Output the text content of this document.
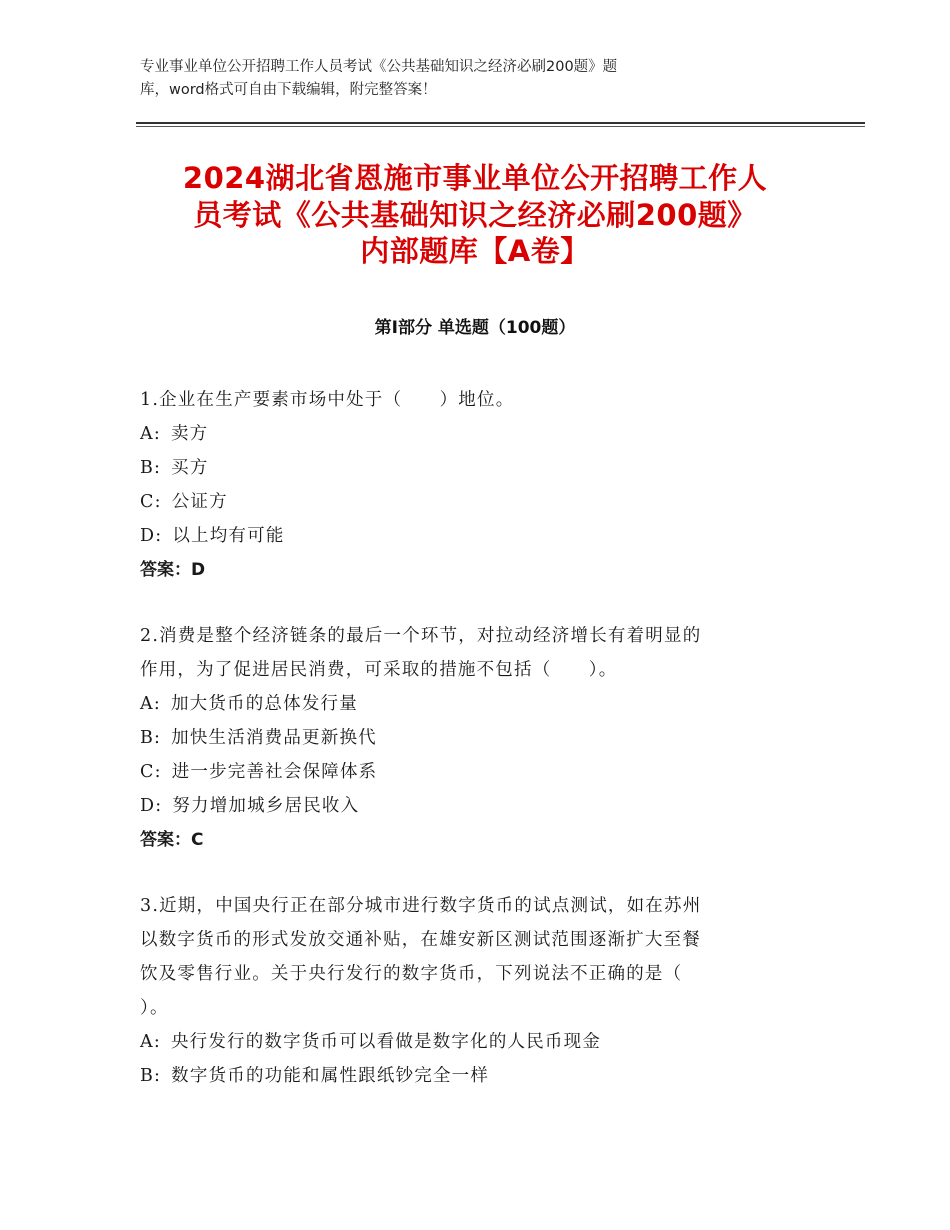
专业事业单位公开招聘工作人员考试《公共基础知识之经济必刷200题》题
库，word格式可自由下载编辑，附完整答案！
2024湖北省恩施市事业单位公开招聘工作人
员考试《公共基础知识之经济必刷200题》
内部题库【A卷】
第Ⅰ部分 单选题（100题）
1.企业在生产要素市场中处于（　　）地位。
A: 卖方
B: 买方
C: 公证方
D: 以上均有可能
答案：D
2.消费是整个经济链条的最后一个环节，对拉动经济增长有着明显的
作用，为了促进居民消费，可采取的措施不包括（　　）。
A: 加大货币的总体发行量
B: 加快生活消费品更新换代
C: 进一步完善社会保障体系
D: 努力增加城乡居民收入
答案：C
3.近期，中国央行正在部分城市进行数字货币的试点测试，如在苏州
以数字货币的形式发放交通补贴，在雄安新区测试范围逐渐扩大至餐
饮及零售行业。关于央行发行的数字货币，下列说法不正确的是（
）。
A: 央行发行的数字货币可以看做是数字化的人民币现金
B: 数字货币的功能和属性跟纸钞完全一样
